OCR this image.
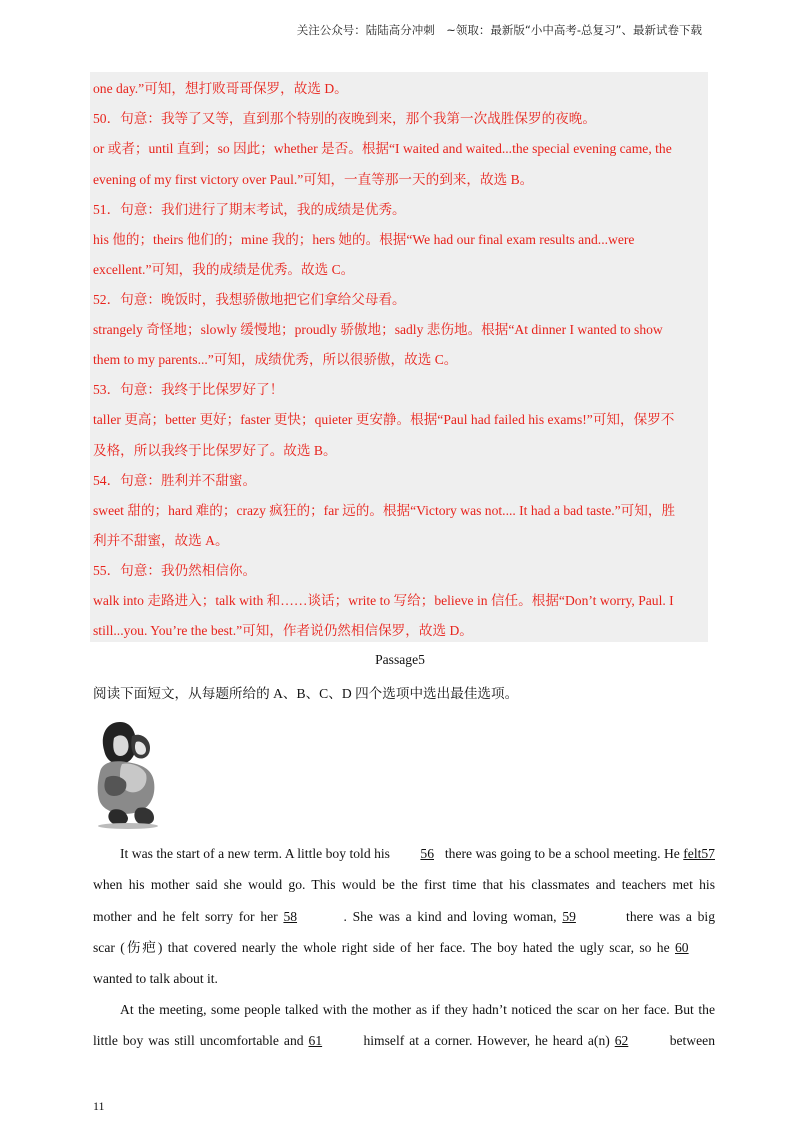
关注公众号：陆陆高分冲刺　~领取：最新版“小中高考-总复习”、最新试卷下载
one day.”可知，想打败哥哥保罗，故选 D。
50．句意：我等了又等，直到那个特别的夜晚到来，那个我第一次战胜保罗的夜晚。
or 或者；until 直到；so 因此；whether 是否。根据“I waited and waited...the special evening came, the
evening of my first victory over Paul.”可知，一直等那一天的到来，故选 B。
51．句意：我们进行了期末考试，我的成绩是优秀。
his 他的；theirs 他们的；mine 我的；hers 她的。根据“We had our final exam results and...were
excellent.”可知，我的成绩是优秀。故选 C。
52．句意：晚饭时，我想骄傲地把它们拿给父母看。
strangely 奇怪地；slowly 缓慢地；proudly 骄傲地；sadly 悲伤地。根据“At dinner I wanted to show
them to my parents...”可知，成绩优秀，所以很骄傲，故选 C。
53．句意：我终于比保罗好了！
taller 更高；better 更好；faster 更快；quieter 更安静。根据“Paul had failed his exams!”可知，保罗不
及格，所以我终于比保罗好了。故选 B。
54．句意：胜利并不甜蜜。
sweet 甜的；hard 难的；crazy 疯狂的；far 远的。根据“Victory was not.... It had a bad taste.”可知，胜
利并不甜蜜，故选 A。
55．句意：我仍然相信你。
walk into 走路进入；talk with 和……谈话；write to 写给；believe in 信任。根据“Don’t worry, Paul. I
still...you. You’re the best.”可知，作者说仍然相信保罗，故选 D。
Passage5
阅读下面短文，从每题所给的 A、B、C、D 四个选项中选出最佳选项。
It was the start of a new term. A little boy told his 56 there was going to be a school meeting. He felt57
when his mother said she would go. This would be the first time that his classmates and teachers met his
mother and he felt sorry for her 58	. She was a kind and loving woman, 59	there was a big
scar (伤疤) that covered nearly the whole right side of her face. The boy hated the ugly scar, so he 60
wanted to talk about it.
At the meeting, some people talked with the mother as if they hadn’t noticed the scar on her face. But the
little boy was still uncomfortable and 61	himself at a corner. However, he heard a(n) 62	between
11
